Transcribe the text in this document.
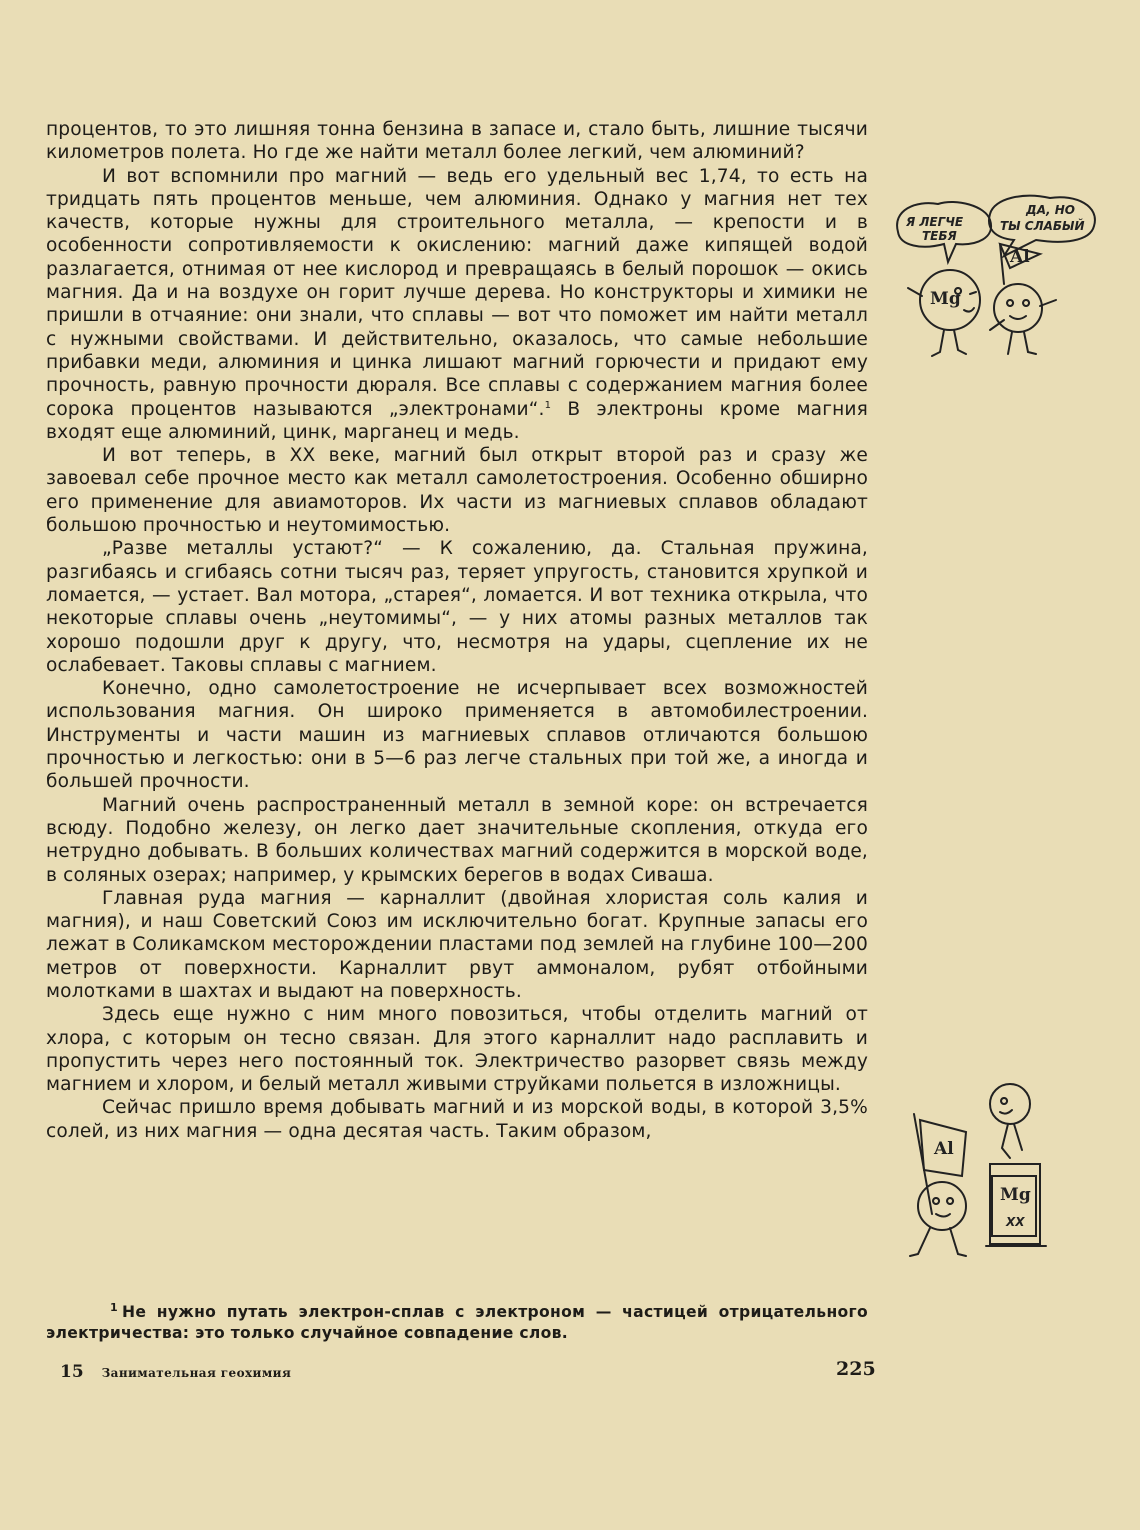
процентов, то это лишняя тонна бензина в запасе и, стало быть, лишние тысячи километров полета. Но где же найти металл более легкий, чем алюминий?

И вот вспомнили про магний — ведь его удельный вес 1,74, то есть на тридцать пять процентов меньше, чем алюминия. Однако у магния нет тех качеств, которые нужны для строительного металла, — крепости и в особенности сопротивляемости к окислению: магний даже кипящей водой разлагается, отнимая от нее кислород и превращаясь в белый порошок — окись магния. Да и на воздухе он горит лучше дерева. Но конструкторы и химики не пришли в отчаяние: они знали, что сплавы — вот что поможет им найти металл с нужными свойствами. И действительно, оказалось, что самые небольшие прибавки меди, алюминия и цинка лишают магний горючести и придают ему прочность, равную прочности дюраля. Все сплавы с содержанием магния более сорока процентов называются „электронами“.$^1$ В электроны кроме магния входят еще алюминий, цинк, марганец и медь.

И вот теперь, в XX веке, магний был открыт второй раз и сразу же завоевал себе прочное место как металл самолетостроения. Особенно обширно его применение для авиамоторов. Их части из магниевых сплавов обладают большою прочностью и неутомимостью.

„Разве металлы устают?“ — К сожалению, да. Стальная пружина, разгибаясь и сгибаясь сотни тысяч раз, теряет упругость, становится хрупкой и ломается, — устает. Вал мотора, „старея“, ломается. И вот техника открыла, что некоторые сплавы очень „неутомимы“, — у них атомы разных металлов так хорошо подошли друг к другу, что, несмотря на удары, сцепление их не ослабевает. Таковы сплавы с магнием.

Конечно, одно самолетостроение не исчерпывает всех возможностей использования магния. Он широко применяется в автомобилестроении. Инструменты и части машин из магниевых сплавов отличаются большою прочностью и легкостью: они в 5—6 раз легче стальных при той же, а иногда и большей прочности.

Магний очень распространенный металл в земной коре: он встречается всюду. Подобно железу, он легко дает значительные скопления, откуда его нетрудно добывать. В больших количествах магний содержится в морской воде, в соляных озерах; например, у крымских берегов в водах Сиваша.

Главная руда магния — карналлит (двойная хлористая соль калия и магния), и наш Советский Союз им исключительно богат. Крупные запасы его лежат в Соликамском месторождении пластами под землей на глубине 100—200 метров от поверхности. Карналлит рвут аммоналом, рубят отбойными молотками в шахтах и выдают на поверхность.

Здесь еще нужно с ним много повозиться, чтобы отделить магний от хлора, с которым он тесно связан. Для этого карналлит надо расплавить и пропустить через него постоянный ток. Электричество разорвет связь между магнием и хлором, и белый металл живыми струйками польется в изложницы.

Сейчас пришло время добывать магний и из морской воды, в которой 3,5% солей, из них магния — одна десятая часть. Таким образом,

Я ЛЕГЧЕ
ТЕБЯ
ДА, НО
ТЫ СЛАБЫЙ
Mg
Al
Al
Mg
XX

$^1$ Не нужно путать электрон-сплав с электроном — частицей отрицательного электричества: это только случайное совпадение слов.

15 Занимательная геохимия	225
